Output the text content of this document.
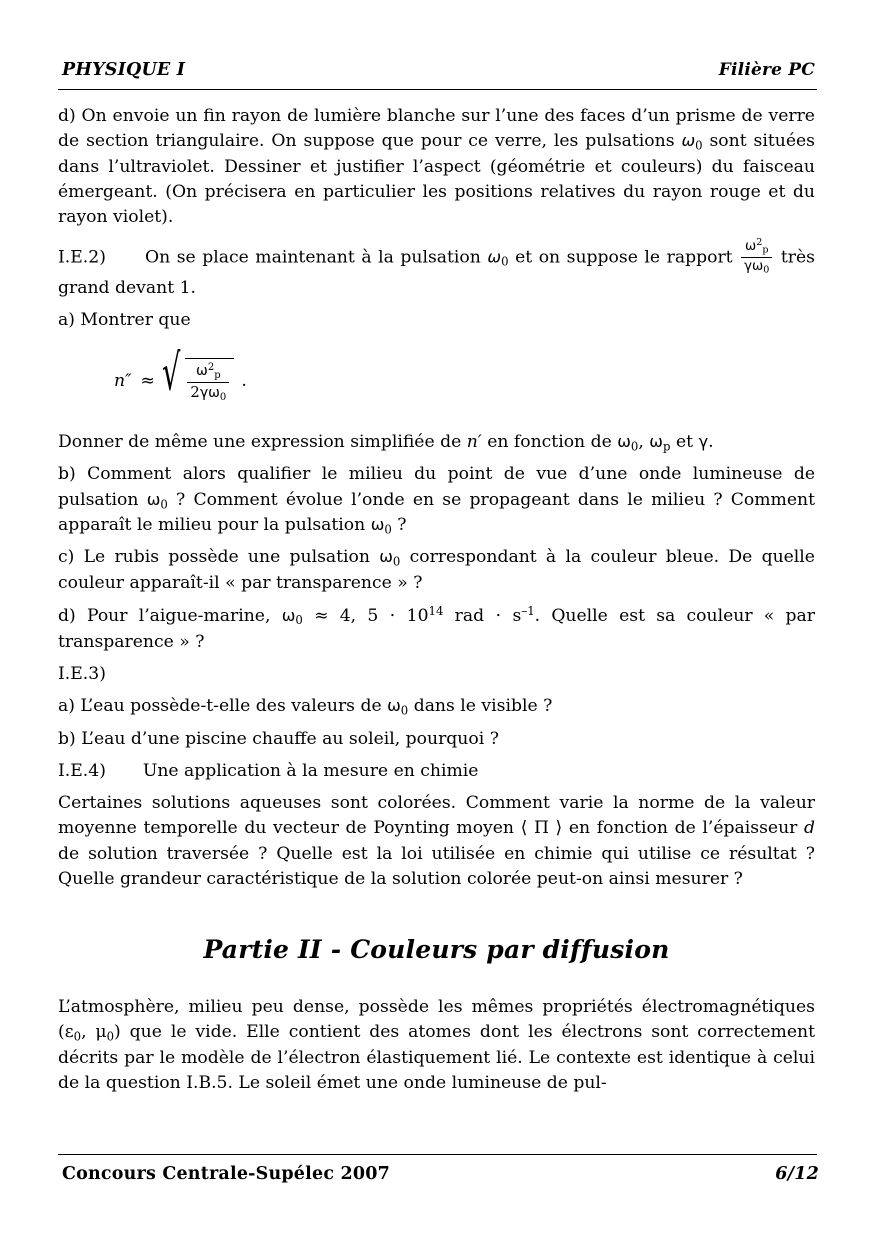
PHYSIQUE I	Filière PC

d) On envoie un fin rayon de lumière blanche sur l’une des faces d’un prisme de verre de section triangulaire. On suppose que pour ce verre, les pulsations $\omega_0$ sont situées dans l’ultraviolet. Dessiner et justifier l’aspect (géométrie et couleurs) du faisceau émergeant. (On précisera en particulier les positions relatives du rayon rouge et du rayon violet).

I.E.2) On se place maintenant à la pulsation $\omega_0$ et on suppose le rapport $\frac{\omega^2_p}{\gamma\omega_0}$ très grand devant 1.

a) Montrer que

n″ ≈ √ $\frac{\omega^2_p}{2\gamma\omega_0}$ .

Donner de même une expression simplifiée de n′ en fonction de $\omega_0$, $\omega_p$ et γ.

b) Comment alors qualifier le milieu du point de vue d’une onde lumineuse de pulsation $\omega_0$ ? Comment évolue l’onde en se propageant dans le milieu ? Comment apparaît le milieu pour la pulsation $\omega_0$ ?

c) Le rubis possède une pulsation $\omega_0$ correspondant à la couleur bleue. De quelle couleur apparaît-il « par transparence » ?

d) Pour l’aigue-marine, $\omega_0 \approx 4$, $5 \cdot 10^{14}$ rad ⋅ $s^{-1}$. Quelle est sa couleur « par transparence » ?

I.E.3)

a) L’eau possède-t-elle des valeurs de $\omega_0$ dans le visible ?

b) L’eau d’une piscine chauffe au soleil, pourquoi ?

I.E.4) Une application à la mesure en chimie

Certaines solutions aqueuses sont colorées. Comment varie la norme de la valeur moyenne temporelle du vecteur de Poynting moyen ⟨ Π ⟩ en fonction de l’épaisseur d de solution traversée ? Quelle est la loi utilisée en chimie qui utilise ce résultat ? Quelle grandeur caractéristique de la solution colorée peut-on ainsi mesurer ?

Partie II - Couleurs par diffusion

L’atmosphère, milieu peu dense, possède les mêmes propriétés électromagnétiques ($\varepsilon_0$, $\mu_0$) que le vide. Elle contient des atomes dont les électrons sont correctement décrits par le modèle de l’électron élastiquement lié. Le contexte est identique à celui de la question I.B.5. Le soleil émet une onde lumineuse de pul-

Concours Centrale-Supélec 2007	6/12
